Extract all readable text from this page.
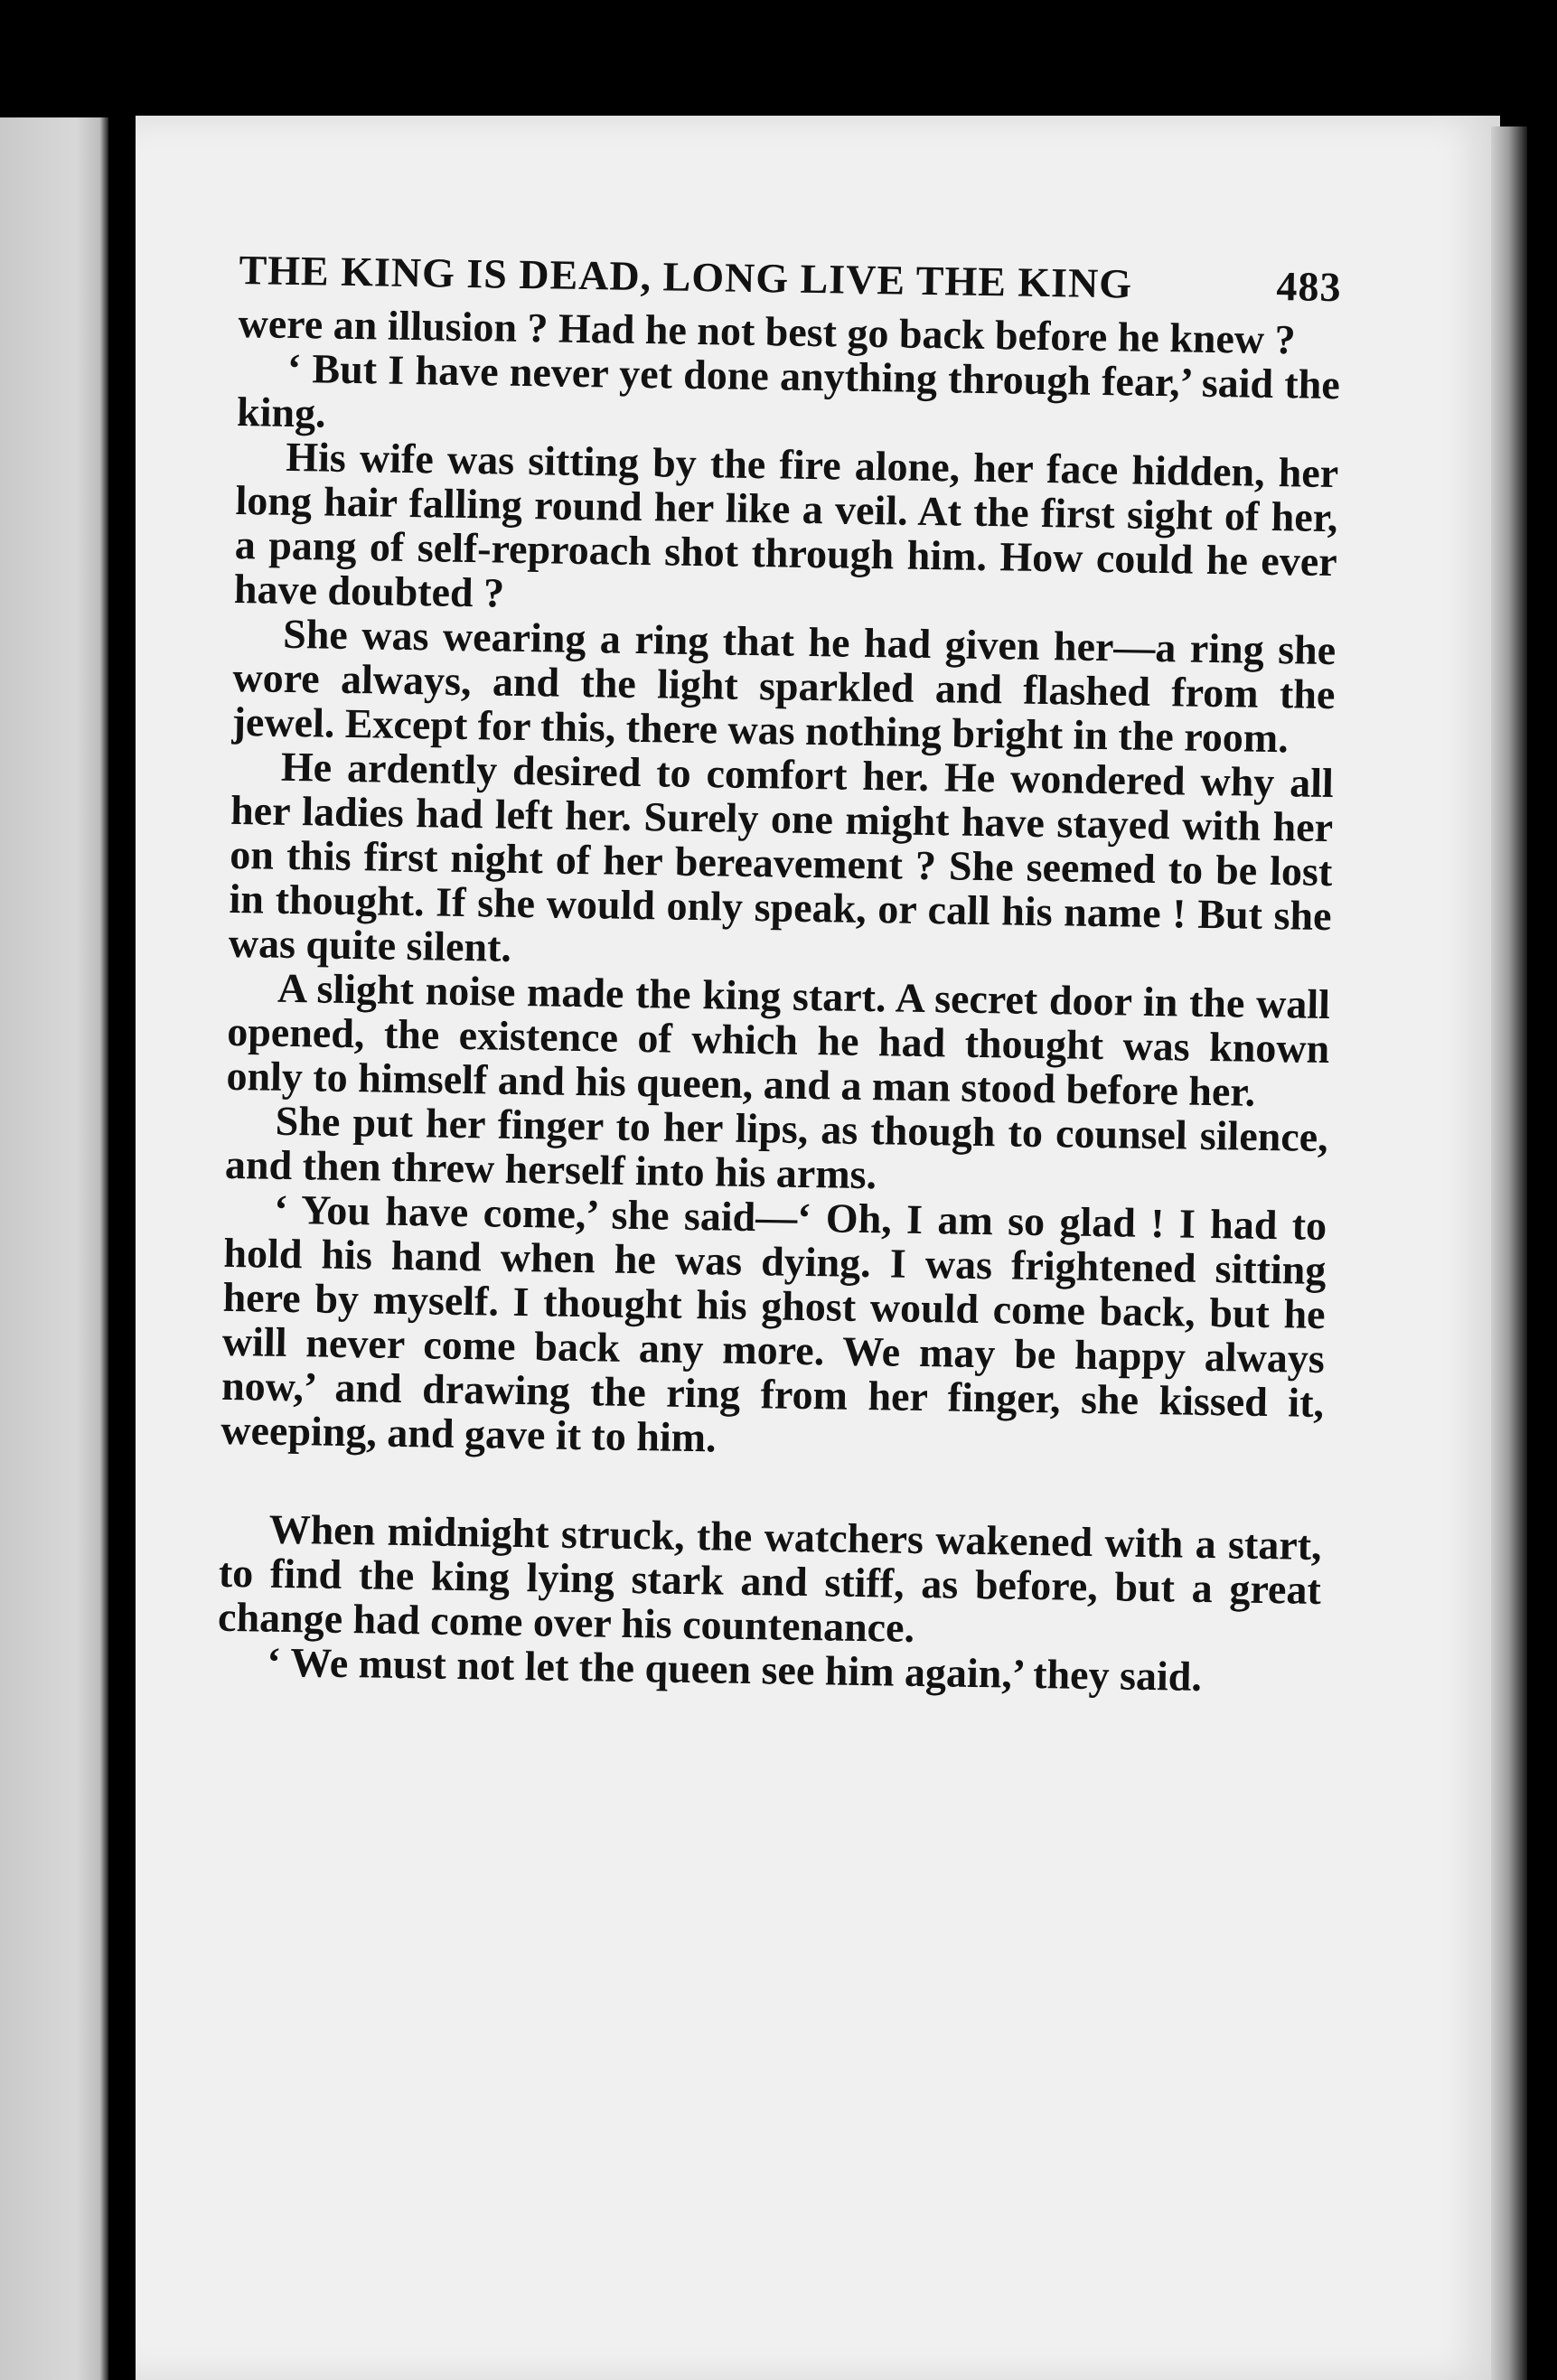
THE KING IS DEAD, LONG LIVE THE KING	483

were an illusion ? Had he not best go back before he knew ?

‘ But I have never yet done anything through fear,’ said the king.

His wife was sitting by the fire alone, her face hidden, her long hair falling round her like a veil. At the first sight of her, a pang of self-reproach shot through him. How could he ever have doubted ?

She was wearing a ring that he had given her—a ring she wore always, and the light sparkled and flashed from the jewel. Except for this, there was nothing bright in the room.

He ardently desired to comfort her. He wondered why all her ladies had left her. Surely one might have stayed with her on this first night of her bereavement ? She seemed to be lost in thought. If she would only speak, or call his name ! But she was quite silent.

A slight noise made the king start. A secret door in the wall opened, the existence of which he had thought was known only to himself and his queen, and a man stood before her.

She put her finger to her lips, as though to counsel silence, and then threw herself into his arms.

‘ You have come,’ she said—‘ Oh, I am so glad ! I had to hold his hand when he was dying. I was frightened sitting here by myself. I thought his ghost would come back, but he will never come back any more. We may be happy always now,’ and drawing the ring from her finger, she kissed it, weeping, and gave it to him.

When midnight struck, the watchers wakened with a start, to find the king lying stark and stiff, as before, but a great change had come over his countenance.

‘ We must not let the queen see him again,’ they said.
